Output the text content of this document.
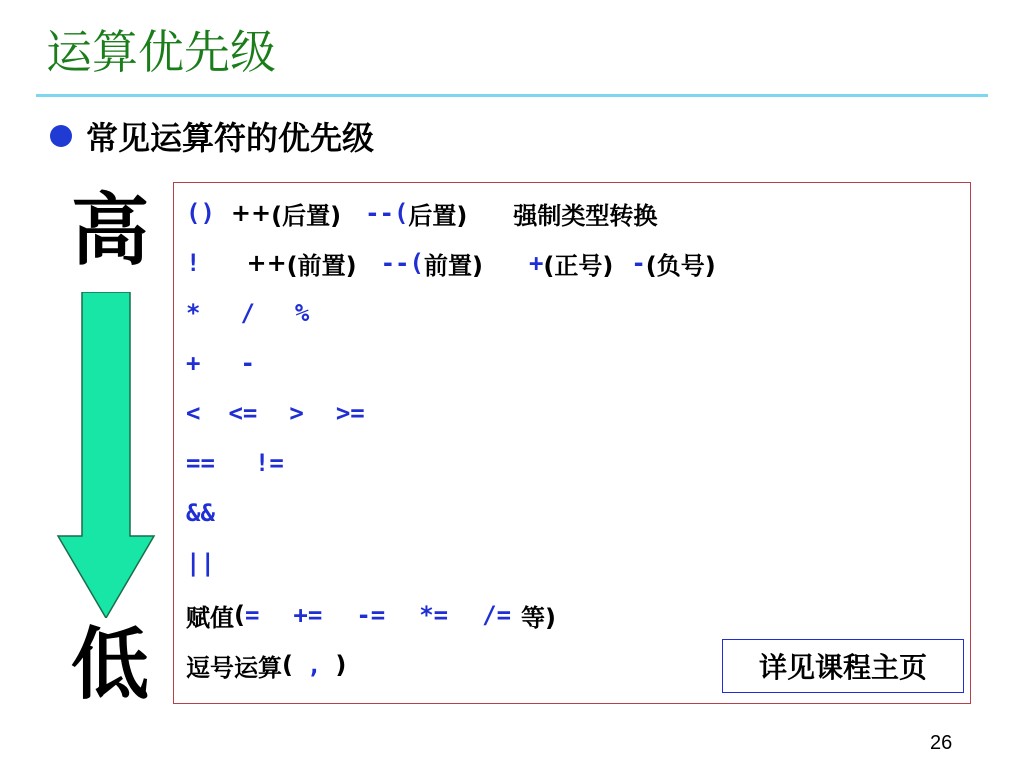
运算优先级
常见运算符的优先级
高
低
() ++ (后置) --( 后置) 强制类型转换
! ++ (前置) --( 前置) + (正号) - (负号)
* / %
+ -
< <= > >=
== !=
&&
||
赋值 ( = += -= *= /= 等)
逗号运算 ( , )	详见课程主页
26
